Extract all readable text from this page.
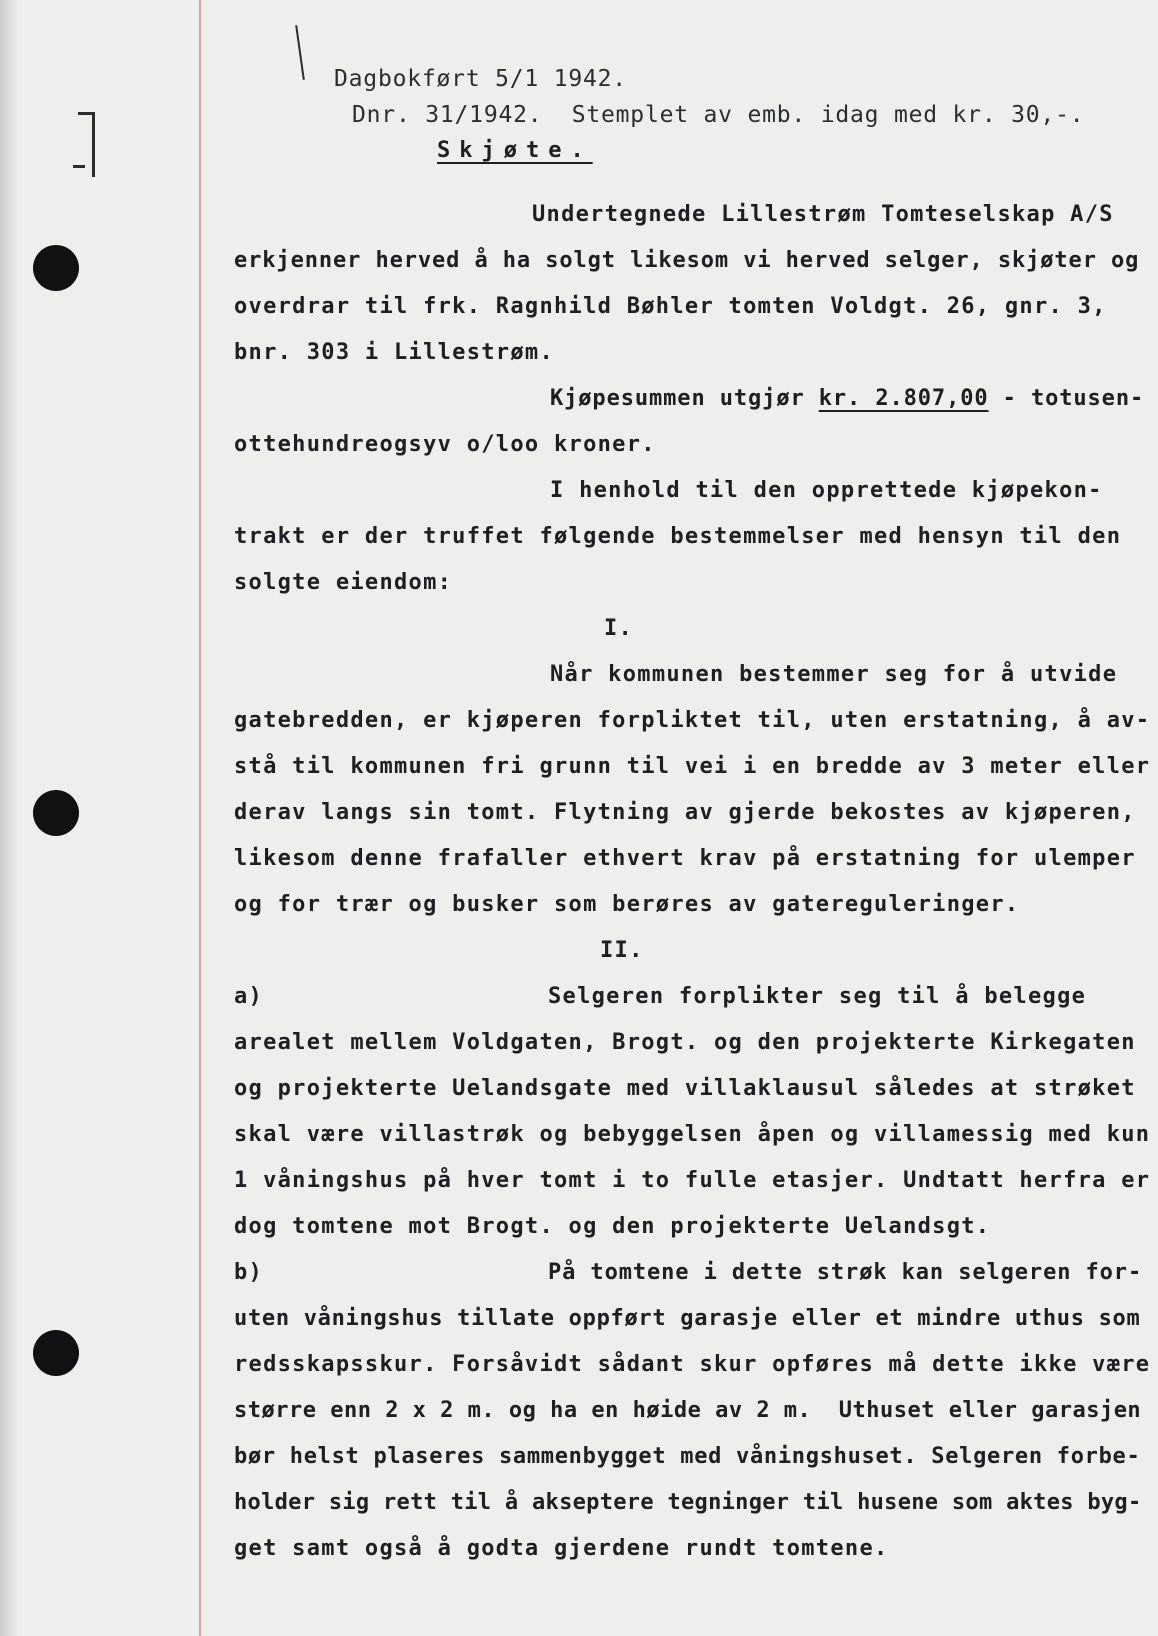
Dagbokført 5/1 1942.
Dnr. 31/1942.  Stemplet av emb. idag med kr. 30,-.
Skjøte.
Undertegnede Lillestrøm Tomteselskap A/S
erkjenner herved å ha solgt likesom vi herved selger, skjøter og
overdrar til frk. Ragnhild Bøhler tomten Voldgt. 26, gnr. 3,
bnr. 303 i Lillestrøm.
Kjøpesummen utgjør kr. 2.807,00 - totusen-
ottehundreogsyv o/loo kroner.
I henhold til den opprettede kjøpekon-
trakt er der truffet følgende bestemmelser med hensyn til den
solgte eiendom:
I.
Når kommunen bestemmer seg for å utvide
gatebredden, er kjøperen forpliktet til, uten erstatning, å av-
stå til kommunen fri grunn til vei i en bredde av 3 meter eller
derav langs sin tomt. Flytning av gjerde bekostes av kjøperen,
likesom denne frafaller ethvert krav på erstatning for ulemper
og for trær og busker som berøres av gatereguleringer.
II.
a)	Selgeren forplikter seg til å belegge
arealet mellem Voldgaten, Brogt. og den projekterte Kirkegaten
og projekterte Uelandsgate med villaklausul således at strøket
skal være villastrøk og bebyggelsen åpen og villamessig med kun
1 våningshus på hver tomt i to fulle etasjer. Undtatt herfra er
dog tomtene mot Brogt. og den projekterte Uelandsgt.
b)	På tomtene i dette strøk kan selgeren for-
uten våningshus tillate oppført garasje eller et mindre uthus som
redsskapsskur. Forsåvidt sådant skur opføres må dette ikke være
større enn 2 x 2 m. og ha en høide av 2 m.  Uthuset eller garasjen
bør helst plaseres sammenbygget med våningshuset. Selgeren forbe-
holder sig rett til å akseptere tegninger til husene som aktes byg-
get samt også å godta gjerdene rundt tomtene.
